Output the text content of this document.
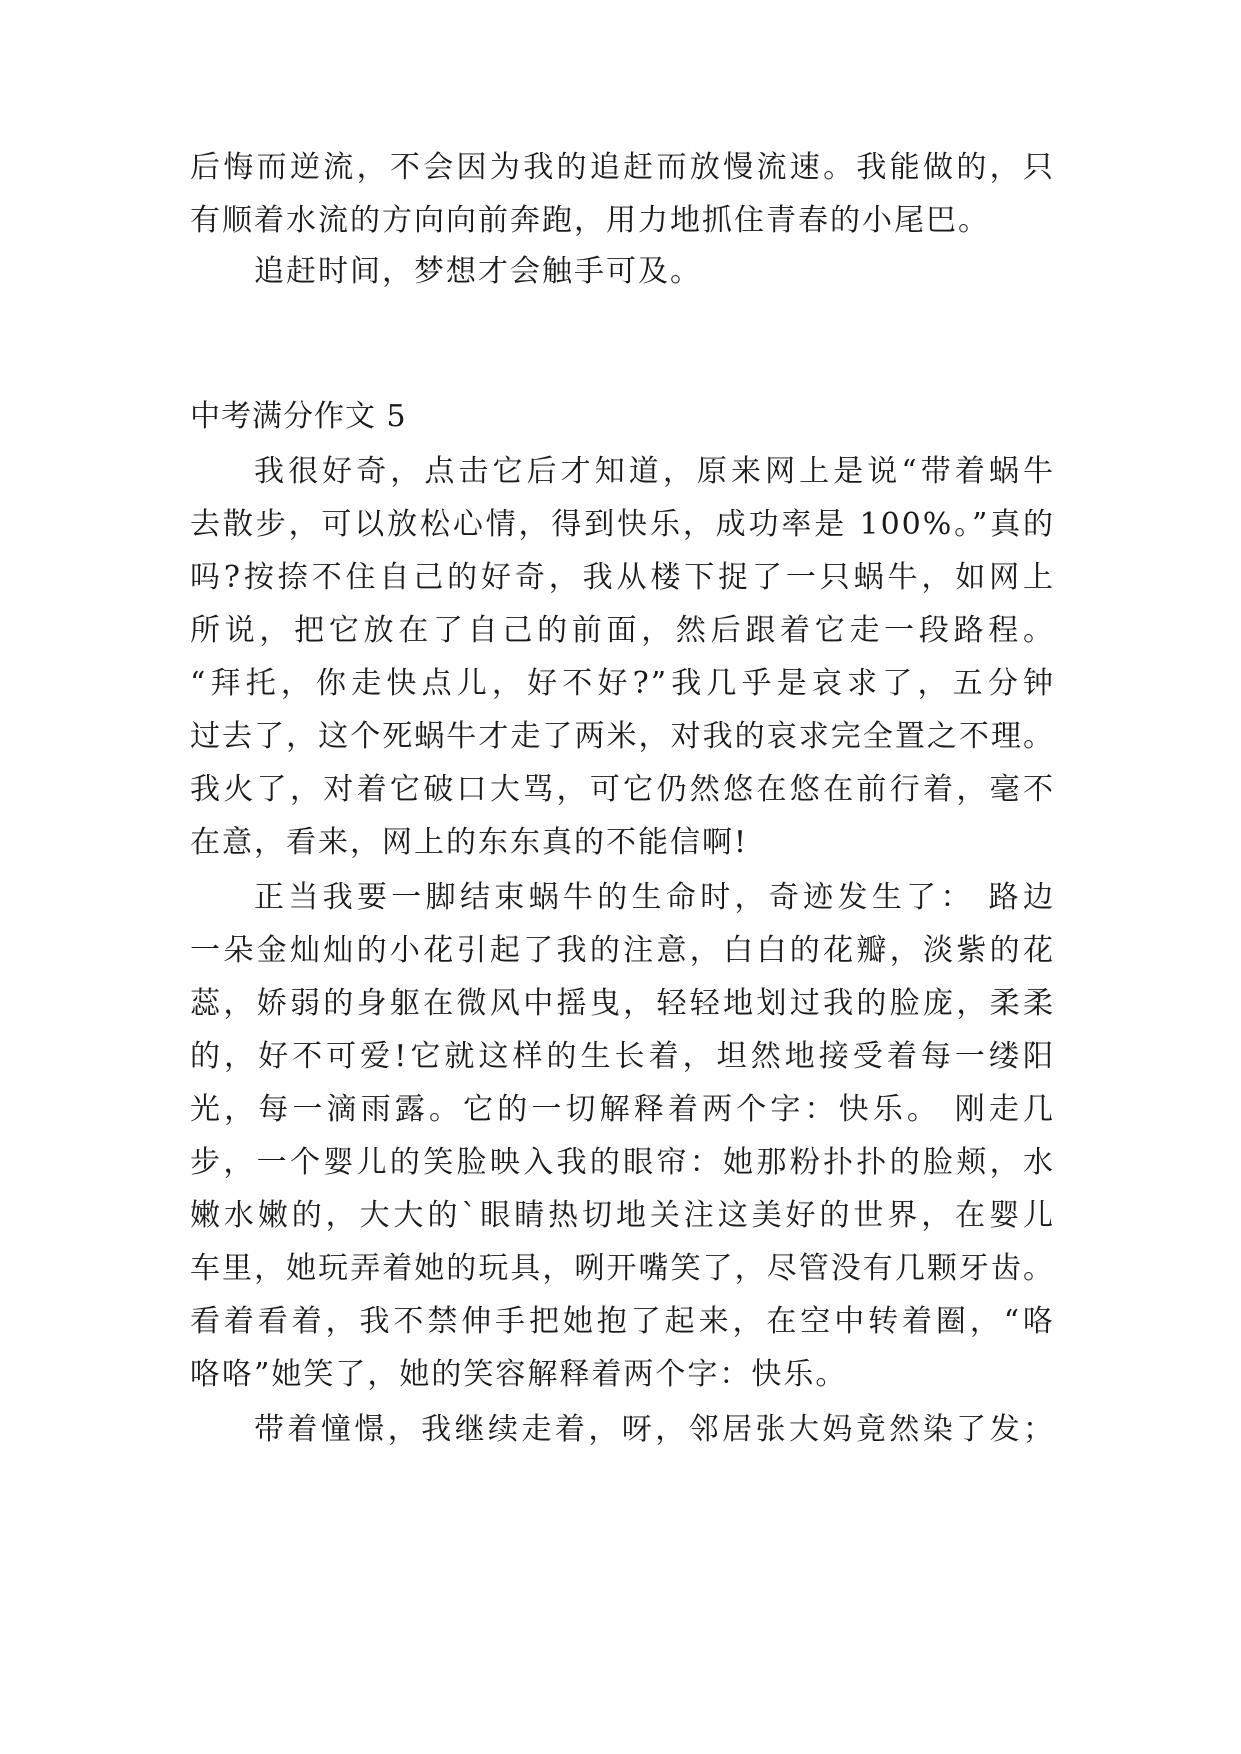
后悔而逆流，不会因为我的追赶而放慢流速。我能做的，只
有顺着水流的方向向前奔跑，用力地抓住青春的小尾巴。
追赶时间，梦想才会触手可及。
中考满分作文 5
我很好奇，点击它后才知道，原来网上是说“带着蜗牛
去散步，可以放松心情，得到快乐，成功率是 100%。”真的
吗?按捺不住自己的好奇，我从楼下捉了一只蜗牛，如网上
所说，把它放在了自己的前面，然后跟着它走一段路程。
“拜托，你走快点儿，好不好?”我几乎是哀求了，五分钟
过去了，这个死蜗牛才走了两米，对我的哀求完全置之不理。
我火了，对着它破口大骂，可它仍然悠在悠在前行着，毫不
在意，看来，网上的东东真的不能信啊!
正当我要一脚结束蜗牛的生命时，奇迹发生了： 路边
一朵金灿灿的小花引起了我的注意，白白的花瓣，淡紫的花
蕊，娇弱的身躯在微风中摇曳，轻轻地划过我的脸庞，柔柔
的，好不可爱!它就这样的生长着，坦然地接受着每一缕阳
光，每一滴雨露。它的一切解释着两个字：快乐。 刚走几
步，一个婴儿的笑脸映入我的眼帘：她那粉扑扑的脸颊，水
嫩水嫩的，大大的`眼睛热切地关注这美好的世界，在婴儿
车里，她玩弄着她的玩具，咧开嘴笑了，尽管没有几颗牙齿。
看着看着，我不禁伸手把她抱了起来，在空中转着圈，“咯
咯咯”她笑了，她的笑容解释着两个字：快乐。
带着憧憬，我继续走着，呀，邻居张大妈竟然染了发；
